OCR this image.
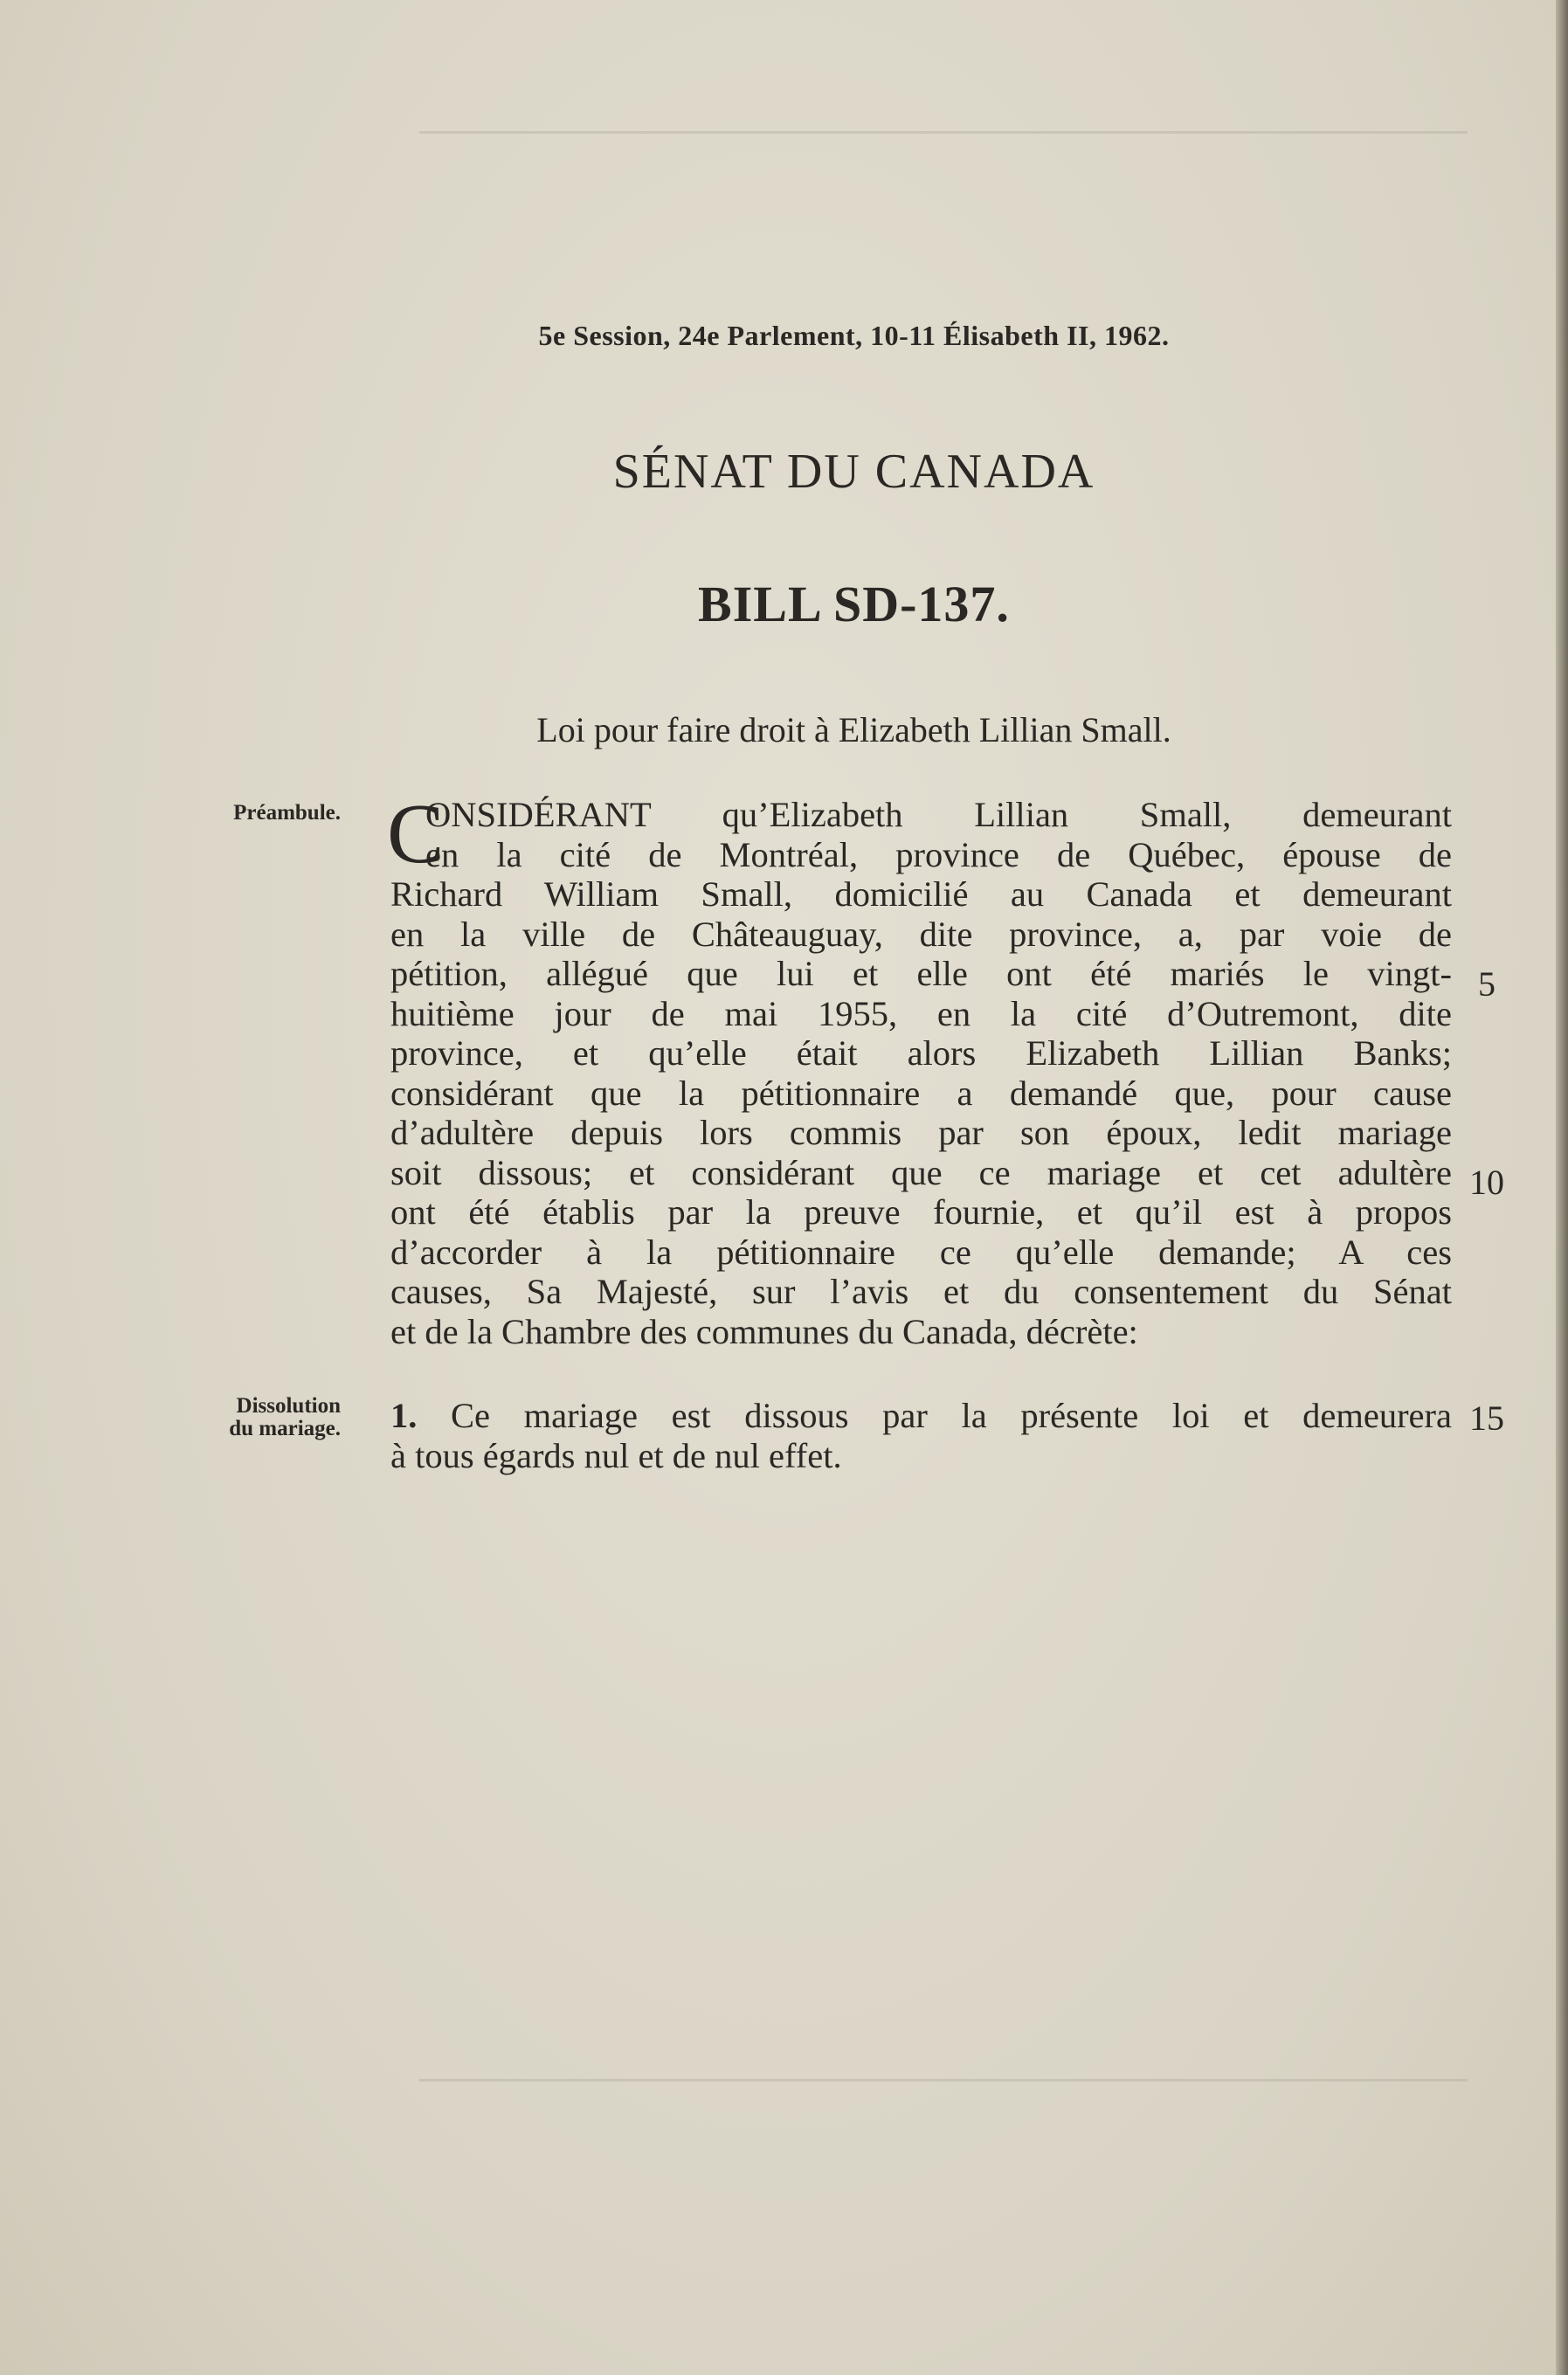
5e Session, 24e Parlement, 10-11 Élisabeth II, 1962.
SÉNAT DU CANADA
BILL SD-137.
Loi pour faire droit à Elizabeth Lillian Small.
Préambule.
Dissolution
du mariage.
C
ONSIDÉRANT qu’Elizabeth Lillian Small, demeurant
en la cité de Montréal, province de Québec, épouse de
Richard William Small, domicilié au Canada et demeurant
en la ville de Châteauguay, dite province, a, par voie de
pétition, allégué que lui et elle ont été mariés le vingt-
huitième jour de mai 1955, en la cité d’Outremont, dite
province, et qu’elle était alors Elizabeth Lillian Banks;
considérant que la pétitionnaire a demandé que, pour cause
d’adultère depuis lors commis par son époux, ledit mariage
soit dissous; et considérant que ce mariage et cet adultère
ont été établis par la preuve fournie, et qu’il est à propos
d’accorder à la pétitionnaire ce qu’elle demande; A ces
causes, Sa Majesté, sur l’avis et du consentement du Sénat
et de la Chambre des communes du Canada, décrète:
1. Ce mariage est dissous par la présente loi et demeurera
à tous égards nul et de nul effet.
5
10
15
